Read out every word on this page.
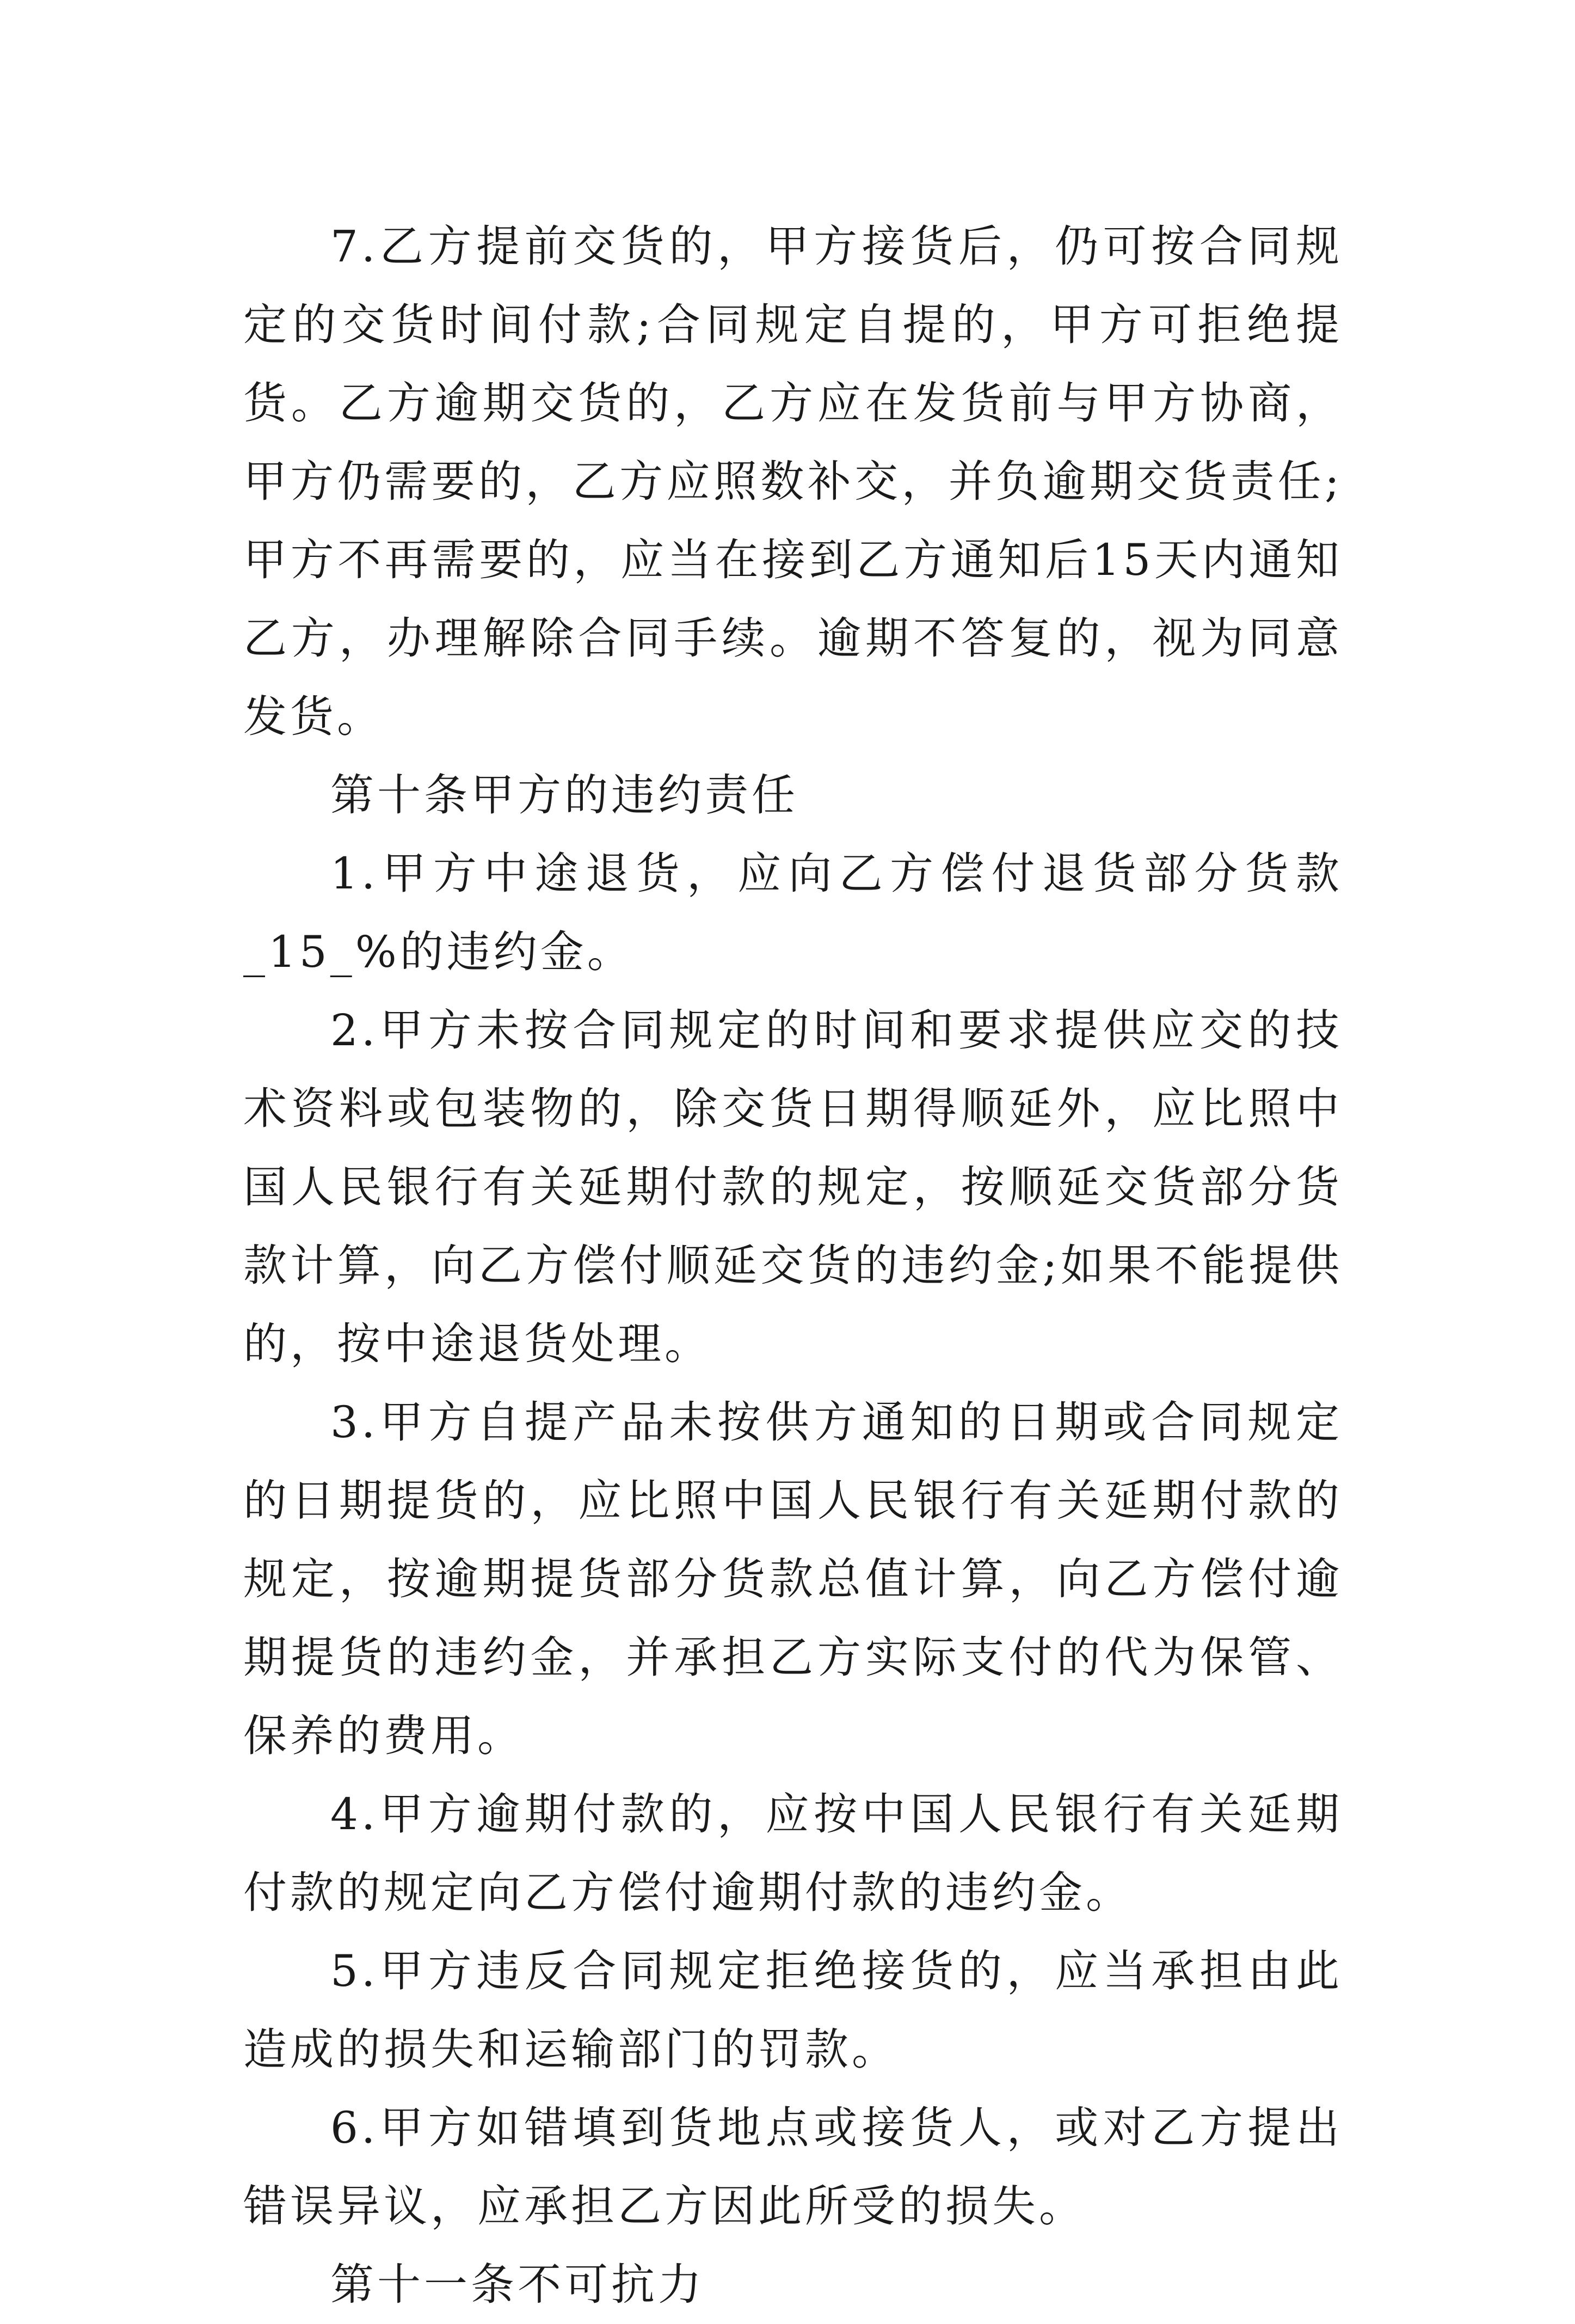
7.乙方提前交货的，甲方接货后，仍可按合同规定的交货时间付款;合同规定自提的，甲方可拒绝提货。乙方逾期交货的，乙方应在发货前与甲方协商，甲方仍需要的，乙方应照数补交，并负逾期交货责任;甲方不再需要的，应当在接到乙方通知后15天内通知乙方，办理解除合同手续。逾期不答复的，视为同意发货。

第十条甲方的违约责任

1.甲方中途退货，应向乙方偿付退货部分货款_15_%的违约金。

2.甲方未按合同规定的时间和要求提供应交的技术资料或包装物的，除交货日期得顺延外，应比照中国人民银行有关延期付款的规定，按顺延交货部分货款计算，向乙方偿付顺延交货的违约金;如果不能提供的，按中途退货处理。

3.甲方自提产品未按供方通知的日期或合同规定的日期提货的，应比照中国人民银行有关延期付款的规定，按逾期提货部分货款总值计算，向乙方偿付逾期提货的违约金，并承担乙方实际支付的代为保管、保养的费用。

4.甲方逾期付款的，应按中国人民银行有关延期付款的规定向乙方偿付逾期付款的违约金。

5.甲方违反合同规定拒绝接货的，应当承担由此造成的损失和运输部门的罚款。

6.甲方如错填到货地点或接货人，或对乙方提出错误异议，应承担乙方因此所受的损失。

第十一条不可抗力
